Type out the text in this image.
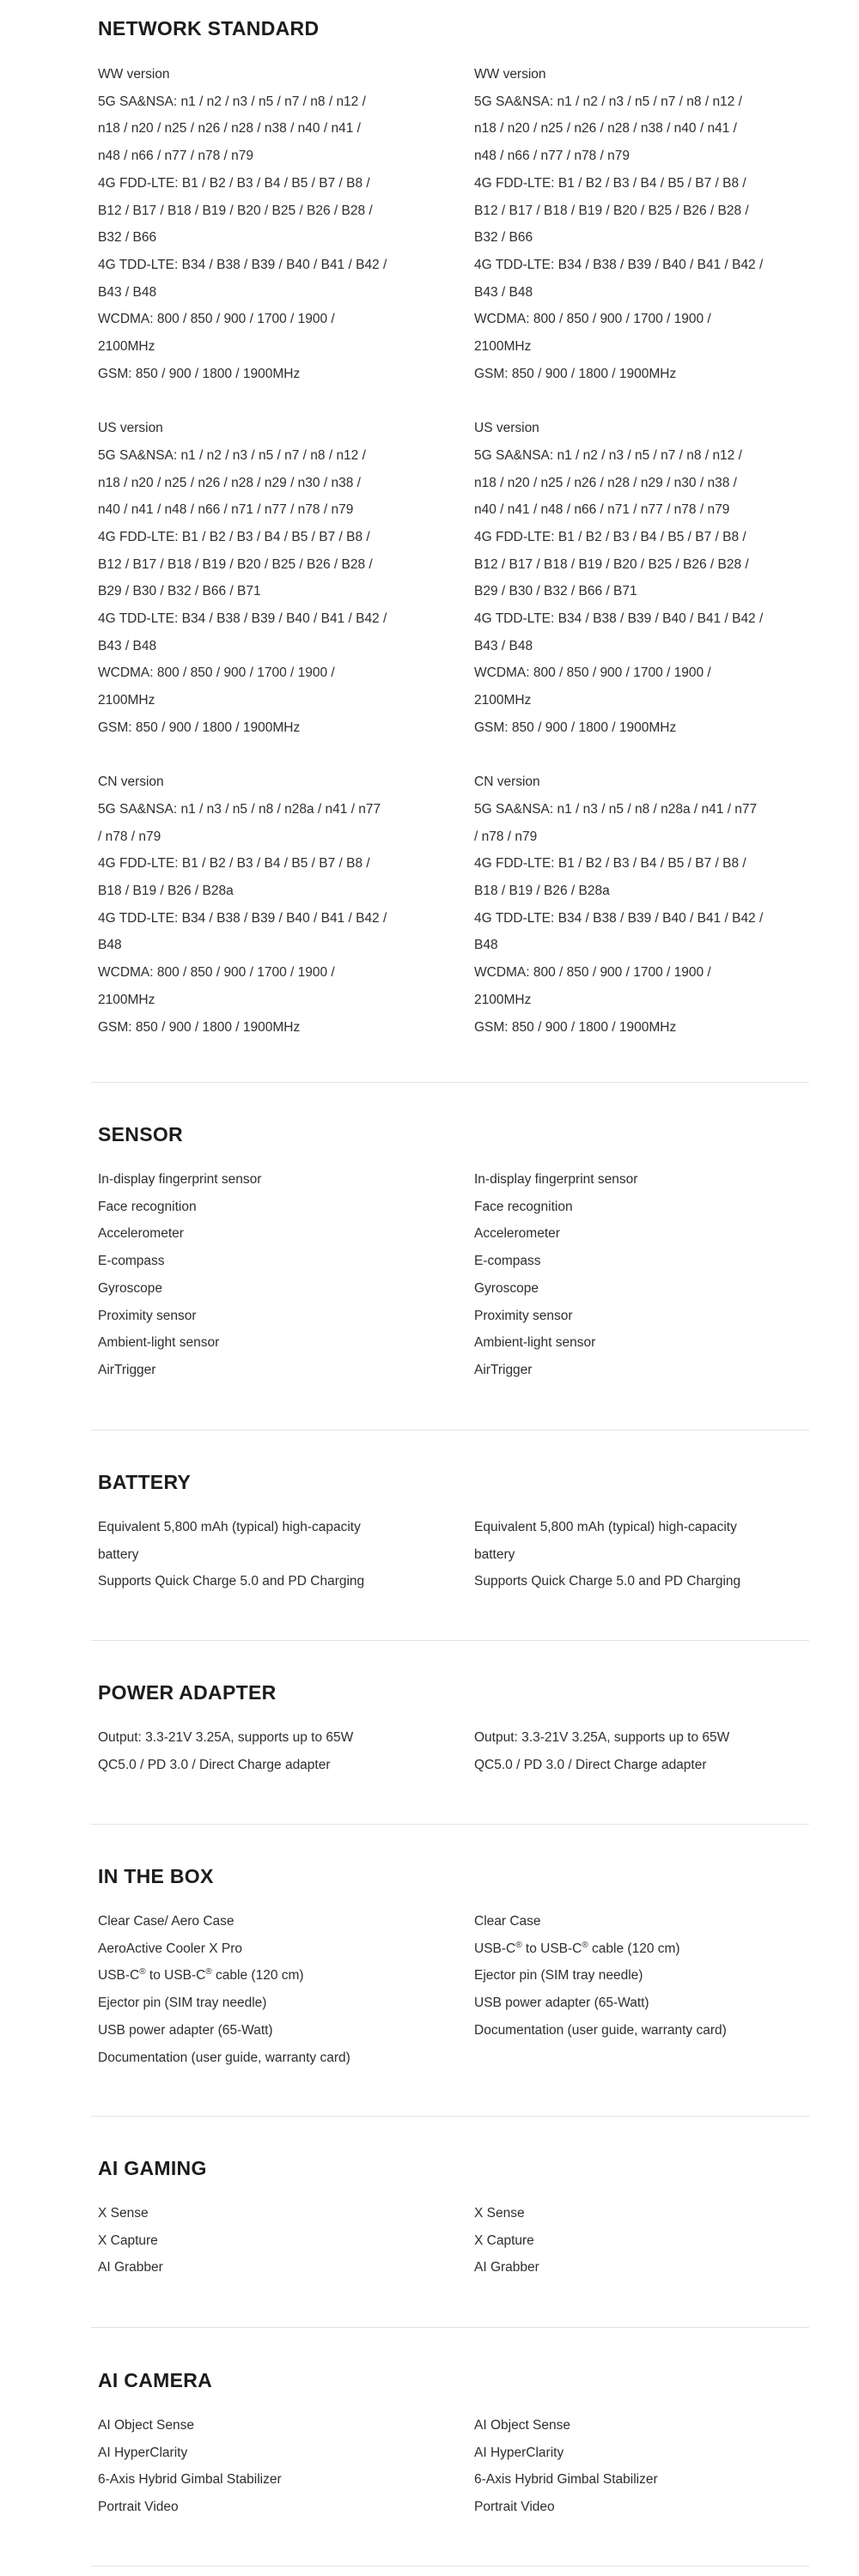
NETWORK STANDARD

WW version

5G SA&NSA: n1 / n2 / n3 / n5 / n7 / n8 / n12 /

n18 / n20 / n25 / n26 / n28 / n38 / n40 / n41 /

n48 / n66 / n77 / n78 / n79

4G FDD-LTE: B1 / B2 / B3 / B4 / B5 / B7 / B8 /

B12 / B17 / B18 / B19 / B20 / B25 / B26 / B28 /

B32 / B66

4G TDD-LTE: B34 / B38 / B39 / B40 / B41 / B42 /

B43 / B48

WCDMA: 800 / 850 / 900 / 1700 / 1900 /

2100MHz

GSM: 850 / 900 / 1800 / 1900MHz

US version

5G SA&NSA: n1 / n2 / n3 / n5 / n7 / n8 / n12 /

n18 / n20 / n25 / n26 / n28 / n29 / n30 / n38 /

n40 / n41 / n48 / n66 / n71 / n77 / n78 / n79

4G FDD-LTE: B1 / B2 / B3 / B4 / B5 / B7 / B8 /

B12 / B17 / B18 / B19 / B20 / B25 / B26 / B28 /

B29 / B30 / B32 / B66 / B71

4G TDD-LTE: B34 / B38 / B39 / B40 / B41 / B42 /

B43 / B48

WCDMA: 800 / 850 / 900 / 1700 / 1900 /

2100MHz

GSM: 850 / 900 / 1800 / 1900MHz

CN version

5G SA&NSA: n1 / n3 / n5 / n8 / n28a / n41 / n77

/ n78 / n79

4G FDD-LTE: B1 / B2 / B3 / B4 / B5 / B7 / B8 /

B18 / B19 / B26 / B28a

4G TDD-LTE: B34 / B38 / B39 / B40 / B41 / B42 /

B48

WCDMA: 800 / 850 / 900 / 1700 / 1900 /

2100MHz

GSM: 850 / 900 / 1800 / 1900MHz

WW version

5G SA&NSA: n1 / n2 / n3 / n5 / n7 / n8 / n12 /

n18 / n20 / n25 / n26 / n28 / n38 / n40 / n41 /

n48 / n66 / n77 / n78 / n79

4G FDD-LTE: B1 / B2 / B3 / B4 / B5 / B7 / B8 /

B12 / B17 / B18 / B19 / B20 / B25 / B26 / B28 /

B32 / B66

4G TDD-LTE: B34 / B38 / B39 / B40 / B41 / B42 /

B43 / B48

WCDMA: 800 / 850 / 900 / 1700 / 1900 /

2100MHz

GSM: 850 / 900 / 1800 / 1900MHz

US version

5G SA&NSA: n1 / n2 / n3 / n5 / n7 / n8 / n12 /

n18 / n20 / n25 / n26 / n28 / n29 / n30 / n38 /

n40 / n41 / n48 / n66 / n71 / n77 / n78 / n79

4G FDD-LTE: B1 / B2 / B3 / B4 / B5 / B7 / B8 /

B12 / B17 / B18 / B19 / B20 / B25 / B26 / B28 /

B29 / B30 / B32 / B66 / B71

4G TDD-LTE: B34 / B38 / B39 / B40 / B41 / B42 /

B43 / B48

WCDMA: 800 / 850 / 900 / 1700 / 1900 /

2100MHz

GSM: 850 / 900 / 1800 / 1900MHz

CN version

5G SA&NSA: n1 / n3 / n5 / n8 / n28a / n41 / n77

/ n78 / n79

4G FDD-LTE: B1 / B2 / B3 / B4 / B5 / B7 / B8 /

B18 / B19 / B26 / B28a

4G TDD-LTE: B34 / B38 / B39 / B40 / B41 / B42 /

B48

WCDMA: 800 / 850 / 900 / 1700 / 1900 /

2100MHz

GSM: 850 / 900 / 1800 / 1900MHz

SENSOR

In-display fingerprint sensor

Face recognition

Accelerometer

E-compass

Gyroscope

Proximity sensor

Ambient-light sensor

AirTrigger

In-display fingerprint sensor

Face recognition

Accelerometer

E-compass

Gyroscope

Proximity sensor

Ambient-light sensor

AirTrigger

BATTERY

Equivalent 5,800 mAh (typical) high-capacity

battery

Supports Quick Charge 5.0 and PD Charging

Equivalent 5,800 mAh (typical) high-capacity

battery

Supports Quick Charge 5.0 and PD Charging

POWER ADAPTER

Output: 3.3-21V 3.25A, supports up to 65W

QC5.0 / PD 3.0 / Direct Charge adapter

Output: 3.3-21V 3.25A, supports up to 65W

QC5.0 / PD 3.0 / Direct Charge adapter

IN THE BOX

Clear Case/ Aero Case

AeroActive Cooler X Pro

USB-C® to USB-C® cable (120 cm)

Ejector pin (SIM tray needle)

USB power adapter (65-Watt)

Documentation (user guide, warranty card)

Clear Case

USB-C® to USB-C® cable (120 cm)

Ejector pin (SIM tray needle)

USB power adapter (65-Watt)

Documentation (user guide, warranty card)

AI GAMING

X Sense

X Capture

AI Grabber

X Sense

X Capture

AI Grabber

AI CAMERA

AI Object Sense

AI HyperClarity

6-Axis Hybrid Gimbal Stabilizer

Portrait Video

AI Object Sense

AI HyperClarity

6-Axis Hybrid Gimbal Stabilizer

Portrait Video
